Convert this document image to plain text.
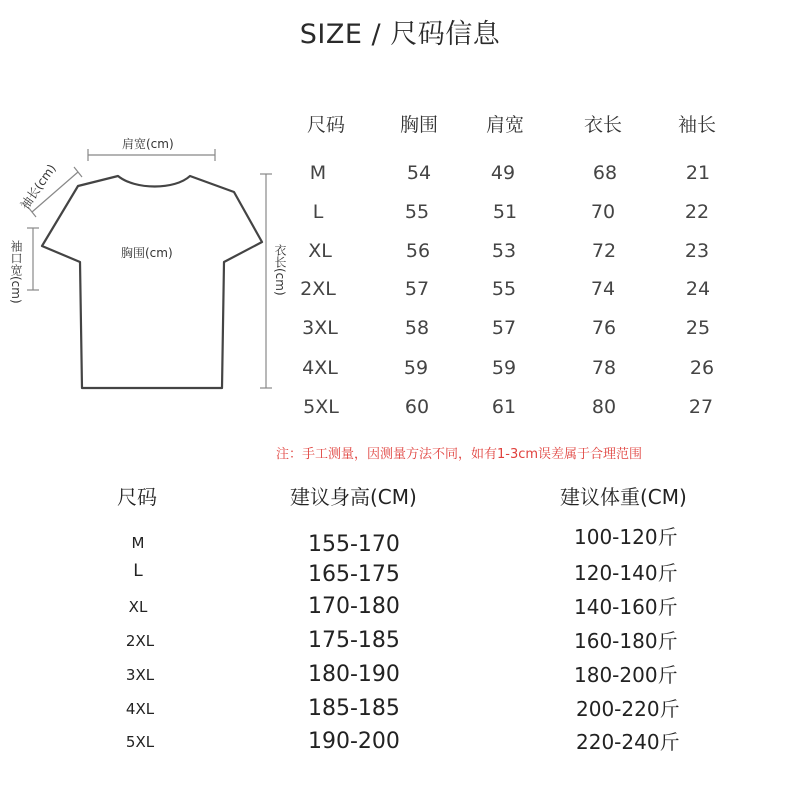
SIZE / 尺码信息
肩宽(cm)
胸围(cm)
袖长(cm)
袖口宽(cm)	衣长(cm)
尺码	胸围	肩宽	衣长	袖长
M	54	49	68	21
L	55	51	70	22
XL	56	53	72	23
2XL	57	55	74	24
3XL	58	57	76	25
4XL	59	59	78	26
5XL	60	61	80	27
注：手工测量，因测量方法不同，如有1-3cm误差属于合理范围
尺码	建议身高(CM)	建议体重(CM)
M	155-170	100-120斤
L	165-175	120-140斤
XL	170-180	140-160斤
2XL	175-185	160-180斤
3XL	180-190	180-200斤
4XL	185-185	200-220斤
5XL	190-200	220-240斤
